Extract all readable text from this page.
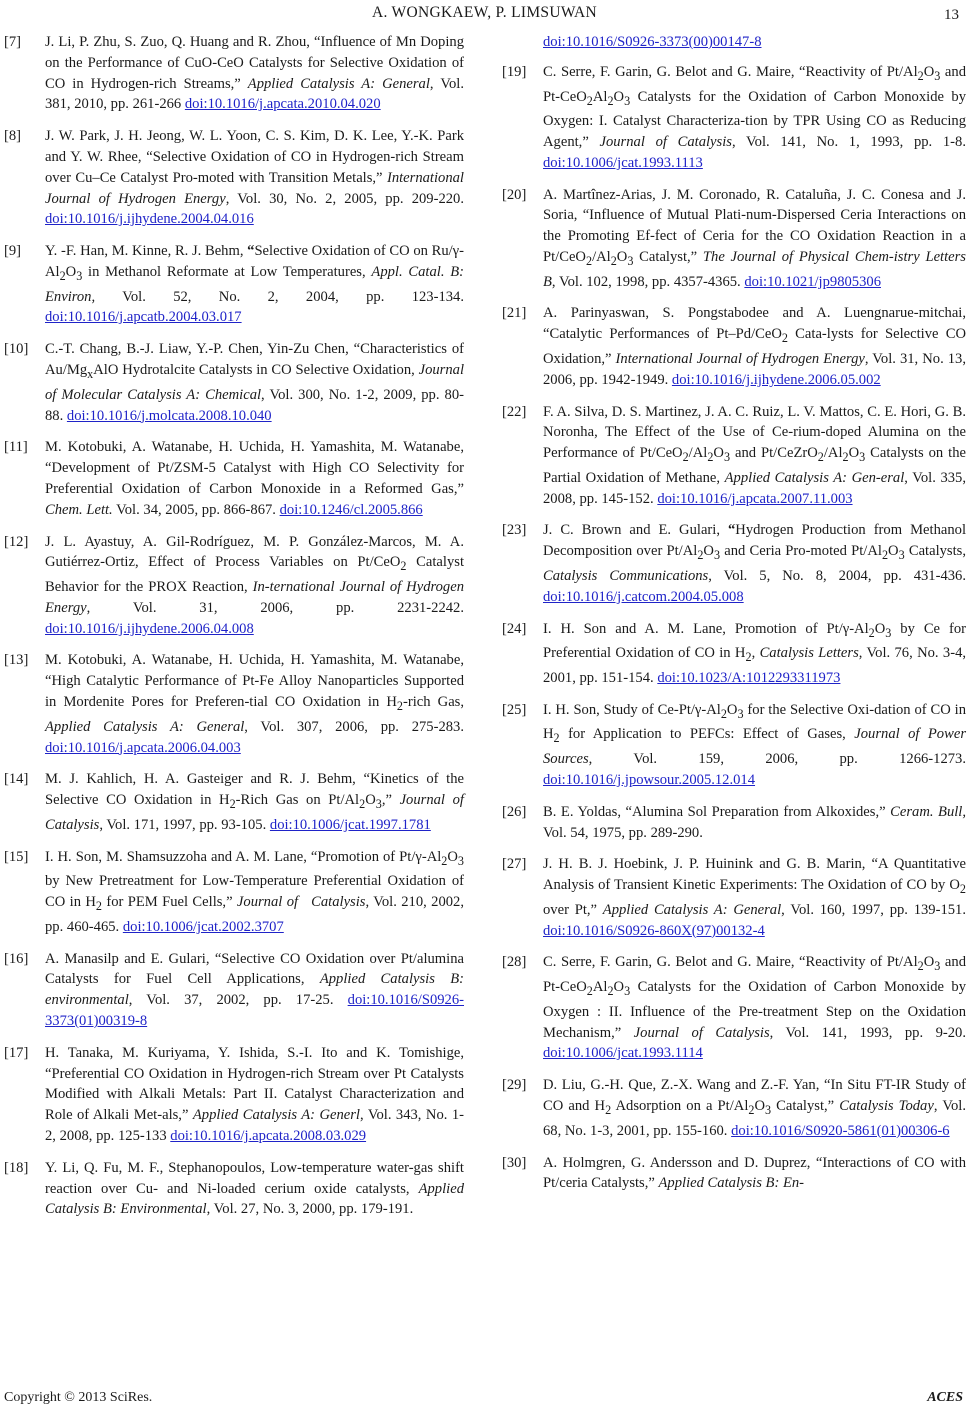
A. WONGKAEW, P. LIMSUWAN	13
[7]	J. Li, P. Zhu, S. Zuo, Q. Huang and R. Zhou, “Influence of Mn Doping on the Performance of CuO-CeO Catalysts for Selective Oxidation of CO in Hydrogen-rich Streams,” Applied Catalysis A: General, Vol. 381, 2010, pp. 261-266 doi:10.1016/j.apcata.2010.04.020
[8]	J. W. Park, J. H. Jeong, W. L. Yoon, C. S. Kim, D. K. Lee, Y.-K. Park and Y. W. Rhee, “Selective Oxidation of CO in Hydrogen-rich Stream over Cu–Ce Catalyst Pro-moted with Transition Metals,” International Journal of Hydrogen Energy, Vol. 30, No. 2, 2005, pp. 209-220. doi:10.1016/j.ijhydene.2004.04.016
[9]	Y. -F. Han, M. Kinne, R. J. Behm, “Selective Oxidation of CO on $Ru/\gamma-Al_2O_3$ in Methanol Reformate at Low Temperatures, Appl. Catal. B: Environ, Vol. 52, No. 2, 2004, pp. 123-134. doi:10.1016/j.apcatb.2004.03.017
[10]	C.-T. Chang, B.-J. Liaw, Y.-P. Chen, Yin-Zu Chen, “Characteristics of $Au/Mg_xAlO$ Hydrotalcite Catalysts in CO Selective Oxidation, Journal of Molecular Catalysis A: Chemical, Vol. 300, No. 1-2, 2009, pp. 80-88. doi:10.1016/j.molcata.2008.10.040
[11]	M. Kotobuki, A. Watanabe, H. Uchida, H. Yamashita, M. Watanabe, “Development of Pt/ZSM-5 Catalyst with High CO Selectivity for Preferential Oxidation of Carbon Monoxide in a Reformed Gas,” Chem. Lett. Vol. 34, 2005, pp. 866-867. doi:10.1246/cl.2005.866
[12]	J. L. Ayastuy, A. Gil-Rodríguez, M. P. González-Marcos, M. A. Gutiérrez-Ortiz, Effect of Process Variables on Pt/CeO$_2$ Catalyst Behavior for the PROX Reaction, In-ternational Journal of Hydrogen Energy, Vol. 31, 2006, pp. 2231-2242. doi:10.1016/j.ijhydene.2006.04.008
[13]	M. Kotobuki, A. Watanabe, H. Uchida, H. Yamashita, M. Watanabe, “High Catalytic Performance of Pt-Fe Alloy Nanoparticles Supported in Mordenite Pores for Preferen-tial CO Oxidation in $H_2$-rich Gas, Applied Catalysis A: General, Vol. 307, 2006, pp. 275-283. doi:10.1016/j.apcata.2006.04.003
[14]	M. J. Kahlich, H. A. Gasteiger and R. J. Behm, “Kinetics of the Selective CO Oxidation in $H_2$-Rich Gas on $Pt/Al_2O_3$,” Journal of Catalysis, Vol. 171, 1997, pp. 93-105. doi:10.1006/jcat.1997.1781
[15]	I. H. Son, M. Shamsuzzoha and A. M. Lane, “Promotion of $Pt/\gamma-Al_2O_3$ by New Pretreatment for Low-Temperature Preferential Oxidation of CO in $H_2$ for PEM Fuel Cells,” Journal of   Catalysis, Vol. 210, 2002, pp. 460-465. doi:10.1006/jcat.2002.3707
[16]	A. Manasilp and E. Gulari, “Selective CO Oxidation over Pt/alumina Catalysts for Fuel Cell Applications, Applied Catalysis B: environmental, Vol. 37, 2002, pp. 17-25. doi:10.1016/S0926-3373(01)00319-8
[17]	H. Tanaka, M. Kuriyama, Y. Ishida, S.-I. Ito and K. Tomishige, “Preferential CO Oxidation in Hydrogen-rich Stream over Pt Catalysts Modified with Alkali Metals: Part II. Catalyst Characterization and Role of Alkali Met-als,” Applied Catalysis A: Generl, Vol. 343, No. 1-2, 2008, pp. 125-133 doi:10.1016/j.apcata.2008.03.029
[18]	Y. Li, Q. Fu, M. F., Stephanopoulos, Low-temperature water-gas shift reaction over Cu- and Ni-loaded cerium oxide catalysts, Applied Catalysis B: Environmental, Vol. 27, No. 3, 2000, pp. 179-191.
doi:10.1016/S0926-3373(00)00147-8
[19]	C. Serre, F. Garin, G. Belot and G. Maire, “Reactivity of $Pt/Al_2O_3$ and $Pt-CeO_2Al_2O_3$ Catalysts for the Oxidation of Carbon Monoxide by Oxygen: I. Catalyst Characteriza-tion by TPR Using CO as Reducing Agent,” Journal of Catalysis, Vol. 141, No. 1, 1993, pp. 1-8. doi:10.1006/jcat.1993.1113
[20]	A. Martînez-Arias, J. M. Coronado, R. Cataluña, J. C. Conesa and J. Soria, “Influence of Mutual Plati-num-Dispersed Ceria Interactions on the Promoting Ef-fect of Ceria for the CO Oxidation Reaction in a $Pt/CeO_2/Al_2O_3$ Catalyst,” The Journal of Physical Chem-istry Letters B, Vol. 102, 1998, pp. 4357-4365. doi:10.1021/jp9805306
[21]	A. Parinyaswan, S. Pongstabodee and A. Luengnarue-mitchai, “Catalytic Performances of Pt–Pd/CeO$_2$ Cata-lysts for Selective CO Oxidation,” International Journal of Hydrogen Energy, Vol. 31, No. 13, 2006, pp. 1942-1949. doi:10.1016/j.ijhydene.2006.05.002
[22]	F. A. Silva, D. S. Martinez, J. A. C. Ruiz, L. V. Mattos, C. E. Hori, G. B. Noronha, The Effect of the Use of Ce-rium-doped Alumina on the Performance of $Pt/CeO_2/Al_2O_3$ and $Pt/CeZrO_2/Al_2O_3$ Catalysts on the Partial Oxidation of Methane, Applied Catalysis A: Gen-eral, Vol. 335, 2008, pp. 145-152. doi:10.1016/j.apcata.2007.11.003
[23]	J. C. Brown and E. Gulari, “Hydrogen Production from Methanol Decomposition over $Pt/Al_2O_3$ and Ceria Pro-moted $Pt/Al_2O_3$ Catalysts, Catalysis Communications, Vol. 5, No. 8, 2004, pp. 431-436. doi:10.1016/j.catcom.2004.05.008
[24]	I. H. Son and A. M. Lane, Promotion of $Pt/\gamma-Al_2O_3$ by Ce for Preferential Oxidation of CO in $H_2$, Catalysis Letters, Vol. 76, No. 3-4, 2001, pp. 151-154. doi:10.1023/A:1012293311973
[25]	I. H. Son, Study of $Ce-Pt/\gamma-Al_2O_3$ for the Selective Oxi-dation of CO in $H_2$ for Application to PEFCs: Effect of Gases, Journal of Power Sources, Vol. 159, 2006, pp. 1266-1273. doi:10.1016/j.jpowsour.2005.12.014
[26]	B. E. Yoldas, “Alumina Sol Preparation from Alkoxides,” Ceram. Bull, Vol. 54, 1975, pp. 289-290.
[27]	J. H. B. J. Hoebink, J. P. Huinink and G. B. Marin, “A Quantitative Analysis of Transient Kinetic Experiments: The Oxidation of CO by $O_2$ over Pt,” Applied Catalysis A: General, Vol. 160, 1997, pp. 139-151. doi:10.1016/S0926-860X(97)00132-4
[28]	C. Serre, F. Garin, G. Belot and G. Maire, “Reactivity of $Pt/Al_2O_3$ and $Pt-CeO_2Al_2O_3$ Catalysts for the Oxidation of Carbon Monoxide by Oxygen : II. Influence of the Pre-treatment Step on the Oxidation Mechanism,” Journal of Catalysis, Vol. 141, 1993, pp. 9-20. doi:10.1006/jcat.1993.1114
[29]	D. Liu, G.-H. Que, Z.-X. Wang and Z.-F. Yan, “In Situ FT-IR Study of CO and $H_2$ Adsorption on a $Pt/Al_2O_3$ Catalyst,” Catalysis Today, Vol. 68, No. 1-3, 2001, pp. 155-160. doi:10.1016/S0920-5861(01)00306-6
[30]	A. Holmgren, G. Andersson and D. Duprez, “Interactions of CO with Pt/ceria Catalysts,” Applied Catalysis B: En-
Copyright © 2013 SciRes.	ACES
